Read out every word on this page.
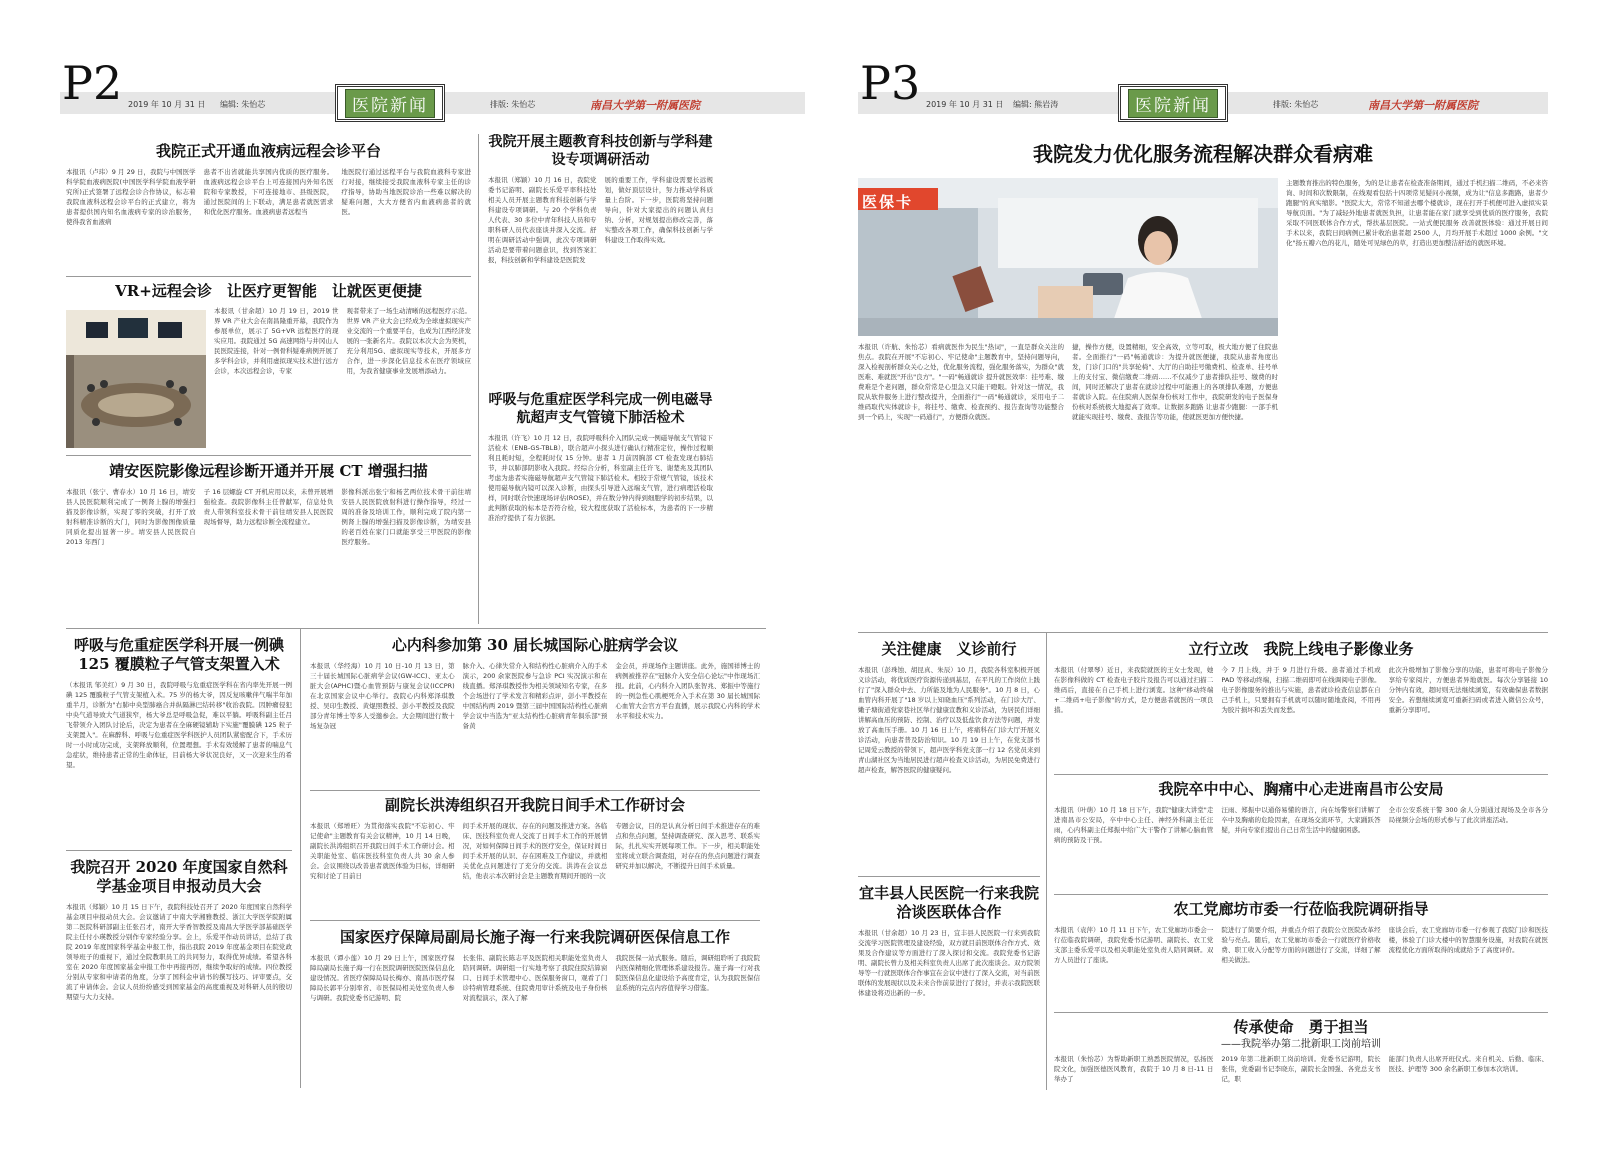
P2 2019 年 10 月 31 日 编辑: 朱怡芯	医院新闻	排版: 朱怡芯	南昌大学第一附属医院
我院正式开通血液病远程会诊平台
本报讯（卢玮）9 月 29 日，我院与中国医学科学院血液病医院(中国医学科学院血液学研究所)正式签署了远程会诊合作协议，标志着我院血液科远程会诊平台的正式建立，将为患者提供国内知名血液病专家的诊治服务，使得我省血液病
患者不出省就能共享国内优质的医疗服务。血液病远程会诊平台上可连接国内外知名医院和专家教授，下可连接地市、县级医院，通过医院间的上下联动，满足患者就医需求和优化医疗服务。血液病患者远程当
地医院行通过远程平台与我院血液科专家进行对接，继续接受我院血液科专家主任的诊疗指导，协助当地医院诊治一些难以解决的疑难问题，大大方便省内血液病患者的就医。
我院开展主题教育科技创新与学科建设专项调研活动
本报讯（郑颖）10 月 16 日，我院党委书记游明、副院长乐爱平率科技处相关人员开展主题教育科技创新与学科建设专项调研。与 20 个学科负责人代表、30 多位中青年科技人员和专职科研人员代表座谈并深入交流。舒明在调研活动中强调，此次专项调研活动是要带着问题意识，找到答案汇报，科技创新和学科建设是医院发
展的重要工作，学科建设需要长远规划，做好顶层设计，努力推动学科质量上台阶。下一步，医院将坚持问题导向，针对大家提出的问题认真归纳、分析，对规划提出修改完善，落实整改各项工作，确保科技创新与学科建设工作取得实效。
VR+远程会诊　让医疗更智能　让就医更便捷
本报讯（甘余超）10 月 19 日，2019 世界 VR 产业大会在南昌隆重开幕，我院作为参展单位，展示了 5G+VR 远程医疗的现实应用。我院通过 5G 高速网络与井冈山人民医院连接，针对一例骨科疑难病例开展了多学科会诊，并利用虚拟现实技术进行远方会诊，本次远程会诊，专家
观者带来了一场生动清晰的远程医疗示范。世界 VR 产业大会已经成为全球虚拟现实产业交流的一个重要平台，也成为江西经济发展的一张新名片。我院以本次大会为契机，充分利用5G、虚拟现实等技术，开展多方合作，进一步深化信息技术在医疗领域应用，为我省健康事业发展增添动力。
呼吸与危重症医学科完成一例电磁导航超声支气管镜下肺活检术
本报讯（许飞）10 月 12 日，我院呼吸科介入团队完成一例磁导航支气管镜下活检术（ENB-GS-TBLB），联合超声小探头进行确认行精准定位，操作过程顺利且耗时短，全程耗时仅 15 分钟。患者 1 月前因胸部 CT 检查发现右肺结节，并以肺部阴影收入我院。经综合分析，科室副主任许飞、谢楚兆及其团队考虑为患者实施磁导航超声支气管镜下肺活检术。相较于常规气管镜，该技术使用磁导航内镜可以深入诊断，由探头引导进入远端支气管，进行病理活检取样，同时联合快速现场评估(ROSE)，并在数分钟内得到细胞学的初步结果，以此判断获取的标本是否符合检，较大程度获取了活检标本，为患者的下一步精准治疗提供了有力依据。
靖安医院影像远程诊断开通并开展 CT 增强扫描
本报讯（张宁、曹春水）10 月 16 日，靖安县人民医院顺利完成了一例肾上腺的增强扫描及影像诊断，实现了零的突破，打开了放射科精准诊断的大门，同时为影像图像质量同质化提出显著一步。靖安县人民医院自 2013 年西门
子 16 层螺旋 CT 开机应用以来，未曾开展增强检查。我院影像科主任曾献军，信息处负责人带领科室技术骨干前往靖安县人民医院现场督导，助力远程诊断全流程建立。
影像科派出张宁和杨艺两位技术骨干前往靖安县人民医院放射科进行操作指导，经过一周的准备及培训工作，顺利完成了院内第一例肾上腺的增强扫描及影像诊断，为靖安县的老百姓在家门口就能享受三甲医院的影像医疗服务。
呼吸与危重症医学科开展一例碘 125 覆膜粒子气管支架置入术
（本报讯 邹美红）9 月 30 日，我院呼吸与危重症医学科在省内率先开展一例碘 125 覆膜粒子气管支架植入术。75 岁的杨大爷，因反复咳嗽伴气喘半年加重半月，诊断为"右肺中央型肺癌合并纵隔淋巴结转移"收治我院。因肿瘤侵犯中央气道导致大气道狭窄，杨大爷总是呼吸急促，难以平躺。呼吸科副主任吕飞带领介入团队讨论后，决定为患者在全麻硬镜辅助下实施"覆膜碘 125 粒子支架置入"。在麻醉科、呼吸与危重症医学科医护人员团队紧密配合下，手术历时一小时成功完成，支架释放顺利，位置理想。手术有效缓解了患者的喘息气急症状，维持患者正常的生命体征，目前杨大爷状况良好，又一次迎来生的希望。
心内科参加第 30 届长城国际心脏病学会议
本报讯（华经海）10 月 10 日-10 月 13 日，第三十届长城国际心脏病学会议(GW-ICC)、亚太心脏大会(APHC)暨心血管预防与康复会议(ICCPR)在北京国家会议中心举行。我院心内科郑泽琪教授、吴印生教授、黄焜照教授、彭小平教授及我院部分青年博士等多人受邀参会。大会期间进行数十场复杂冠
脉介入、心律失常介入和结构性心脏病介入的手术演示，200 余家医院参与急诊 PCI 实况演示和在线直播。郑泽琪教授作为相关领域知名专家，在多个会场进行了学术发言和精彩点评，彭小平教授在中国结构两 2019 暨第三届中国国际结构性心脏病学会议中当选为"亚太结构性心脏病青年俱乐部"预备黄
金会员，并现场作主题讲座。此外，施国祥博士的病例被推荐在"冠脉介入安全信心论坛"中作现场汇报。此前，心内科介入团队张智兆、郑振中等施行的一例急性心肌梗死介入手术在第 30 届长城国际心血管大会官方平台直播，展示我院心内科的学术水平和技术实力。
副院长洪涛组织召开我院日间手术工作研讨会
本报讯（郑增旺）为贯彻落实我院"不忘初心、牢记使命"主题教育有关会议精神，10 月 14 日晚，副院长洪涛组织召开我院日间手术工作研讨会。相关职能处室、临床医技科室负责人共 30 余人参会。会议围绕以改善患者就医体验为目标，详细研究和讨论了目前日
间手术开展的现状、存在的问题及推进方案。各临床、医技科室负责人交流了日间手术工作的开展情况，对如何保障日间手术的医疗安全，保证时间日间手术开展的认识、存在困难及工作建议，并就相关优化点问题进行了充分的交流。洪涛在会议总结，他表示本次研讨会是主题教育期间开展的一次
专题会议，目的是认真分析日间手术推进存在的难点和焦点问题，坚持调查研究、深入思考、联系实际，扎扎实实开展每项工作。下一步，相关职能处室将成立联合调查组，对存在的焦点问题进行调查研究并加以解决，不断提升日间手术质量。
我院召开 2020 年度国家自然科学基金项目申报动员大会
本报讯（郑颖）10 月 15 日下午，我院科技处召开了 2020 年度国家自然科学基金项目申报动员大会。会议邀请了中南大学湘雅教授、浙江大学医学院附属第二医院科研部副主任张召才，南开大学香智教授及南昌大学医学部基础医学院主任付小瑛教授分别作专家经验分享。会上，乐爱平作动员讲话，总结了我院 2019 年度国家科学基金申报工作，指出我院 2019 年度基金项目在院党政领导班子的重视下，通过全院教职员工的共同努力，取得优异成绩。希望各科室在 2020 年度国家基金申报工作中再接再厉，继续争取好的成绩。四位教授分别从专家和申请者的角度，分享了国科金申请书的撰写技巧、评审要点，交流了申请体会。会议人员纷纷感受到国家基金的高度重视及对科研人员的殷切期望与大力支持。
国家医疗保障局副局长施子海一行来我院调研医保信息工作
本报讯（谭小莲）10 月 29 日上午，国家医疗保障局副局长施子海一行在医院调研医院医保信息化建设情况。省医疗保障局局长梅亦、南昌市医疗保障局长郭平分别率省、市医保局相关处室负责人参与调研。我院党委书记游明、院
长张伟、副院长陈志平及医院相关职能处室负责人陪同调研。调研组一行实地考察了我院住院结算窗口、日间手术管理中心、医保服务窗口，观看了门诊特病管理系统、住院费用审计系统及电子身份核对流程演示，深入了解
我院医保一站式服务。随后，调研组聆听了我院院内医保精细化管理体系建设报告。施子海一行对我院医保信息化建设给予高度肯定，认为我院医保信息系统的完点内容值得学习借鉴。
P3 2019 年 10 月 31 日 编辑: 熊岩涛	医院新闻	排版: 朱怡芯	南昌大学第一附属医院
我院发力优化服务流程解决群众看病难
医保卡
主题教育推出的特色服务，为的是让患者在检查准备期间，通过手机扫描二维码，不必来咨询、时间和次数限制，在线观看包括十四项常见疑问小视频，成为让"信息多跑路，患者少跑腿"的真实缩影。"医院太大，常常不知道去哪个楼就诊，现在打开手机便可进入虚拟实景导航页面。"为了减轻外地患者就医负担，让患者能在家门就享受到优质的医疗服务，我院采取不同医联体合作方式，帮扶基层医院。一站式便民服务 改善就医体验：通过开展日间手术以来，我院日间病例已累计收治患者超 2500 人，月均开展手术超过 1000 余例。"文化"扬五瓣六色的花儿，随处可见绿色的草，打造出更加整洁舒适的就医环境。
本报讯（许航、朱怡芯）看病就医作为民生"热词"，一直是群众关注的焦点。我院在开展"不忘初心、牢记使命"主题教育中，坚持问题导向，深入检视剖析群众关心之处，优化服务流程，强化服务落实，为群众"就医难、难就医"开出"良方"。"一码"畅通就诊 提升就医效率：挂号难、缴费难是个老问题，群众常常是心里急又只能干瞪眼。针对这一情况，我院从软件服务上进行整改提升，全面推行"一码"畅通就诊，采用电子二维码取代实体就诊卡，将挂号、缴费、检查预约、报告查询等功能整合到一个码上，实现"一码通行"，方便群众就医。
捷，操作方便，设置精细，安全高效，立等可取，极大地方便了住院患者。全面推行"一码"畅通就诊：为提升就医便捷，我院从患者角度出发，门诊门口的"共享轮椅"、大厅的自助挂号缴费机、检查单、挂号单上的支付宝、微信缴费二维码……不仅减少了患者排队挂号、缴费的时间，同时还解决了患者在就诊过程中可能遇上的各项排队难题，方便患者就诊入院。在住院病人医保身份核对工作中，我院研发的电子医保身份核对系统极大地提高了效率。让数据多跑路 让患者少跑腿：一部手机就能实现挂号、缴费、查报告等功能，使就医更加方便快捷。
关注健康　义诊前行
本报讯（彭珠蚀、胡昆真、朱辰）10 月，我院各科室积极开展义诊活动，将优质医疗资源传递到基层，在平凡的工作岗位上践行了"深入群众中去、力所能及地为人民服务"。10 月 8 日，心血管内科开展了"18 岁以上知晓血压"系列活动，在门诊大厅、嫩子塘街道党家巷社区举行健康宣教和义诊活动，为居民们详细讲解高血压的预防、控制、治疗以及低盐饮食方法等问题，并发放了高血压手册。10 月 16 日上午，疼痛科在门诊大厅开展义诊活动，向患者普及防治知识。10 月 19 日上午，在党支部书记周爱云教授的带领下，超声医学科党支部一行 12 名党员来到青山湖社区为当地居民进行超声检查义诊活动，为居民免费进行超声检查，解答医院的健康疑问。
立行立改　我院上线电子影像业务
本报讯（付翠琴）近日，来我院就医的王女士发现，她在影像科做的 CT 检查电子胶片及报告可以通过扫描二维码后，直接在自己手机上进行浏览。这种"移动终端+二维码+电子影像"的方式，是方便患者就医的一项良措。
今 7 月上线，并于 9 月进行升级。患者通过手机或 PAD 等移动终端，扫描二维码即可在线调阅电子影像。电子影像服务的推出与实施，患者就诊检查信息都在自己手机上，只要拥有手机就可以随时随地查阅，不用再为胶片损坏和丢失而发愁。
此次升级增加了影像分享的功能，患者可将电子影像分享给专家阅片，方便患者异地就医。每次分享链接 10 分钟内有效，超时则无法继续浏览，有效确保患者数据安全。若想继续浏览可重新扫码或者进入微信公众号，重新分享即可。
我院卒中中心、胸痛中心走进南昌市公安局
本报讯（叶萌）10 月 18 日下午，我院"健康大讲堂"走进南昌市公安局，卒中中心主任、神经外科副主任汪雨，心内科副主任郑振中给广大干警作了讲解心脑血管病的预防及干预。
汪雨、郑振中以通俗易懂的语言，向在场警察们讲解了卒中及胸痛的危险因素，在现场交流环节，大家踊跃答疑，并向专家们提出自己日常生活中的健康困惑。
全市公安系统干警 300 余人分别通过现场及全市各分局视频分会场的形式参与了此次讲座活动。
宜丰县人民医院一行来我院洽谈医联体合作
本报讯（甘余超）10 月 23 日，宜丰县人民医院一行来到我院交流学习医院管理及建设经验，双方就目前医联体合作方式、效果及合作建议等方面进行了深入探讨和交流。我院党委书记游明、副院长曾力及相关科室负责人出席了此次座谈会。双方院领导等一行就医联体合作事宜在会议中进行了深入交流，对当前医联体的发展现状以及未来合作前景进行了探讨，并表示我院医联体建设将迈出新的一步。
农工党廊坊市委一行莅临我院调研指导
本报讯（袁萍）10 月 11 日下午，农工党廊坊市委会一行莅临我院调研，我院党委书记游明、副院长、农工党支部主委乐爱平以及相关职能处室负责人陪同调研。双方人员进行了座谈。
院进行了简要介绍，并重点介绍了我院公立医院改革经验与亮点。随后，农工党廊坊市委会一行就医疗价格收费、职工收入分配等方面的问题进行了交流，详细了解相关做法。
座谈会后，农工党廊坊市委一行参观了我院门诊和医技楼，体验了门诊大楼中的智慧服务设施，对我院在就医流程优化方面所取得的成就给予了高度评价。
传承使命　勇于担当
——我院举办第二批新职工岗前培训
本报讯（朱怡芯）为帮助新职工熟悉医院情况，弘扬医院文化，加强医德医风教育，我院于 10 月 8 日-11 日举办了
2019 年第二批新职工岗前培训。党委书记游明，院长张伟，党委副书记李晓东，副院长金国强、各党总支书记，职
能部门负责人出席开班仪式。来自机关、后勤、临床、医技、护理等 300 余名新职工参加本次培训。
